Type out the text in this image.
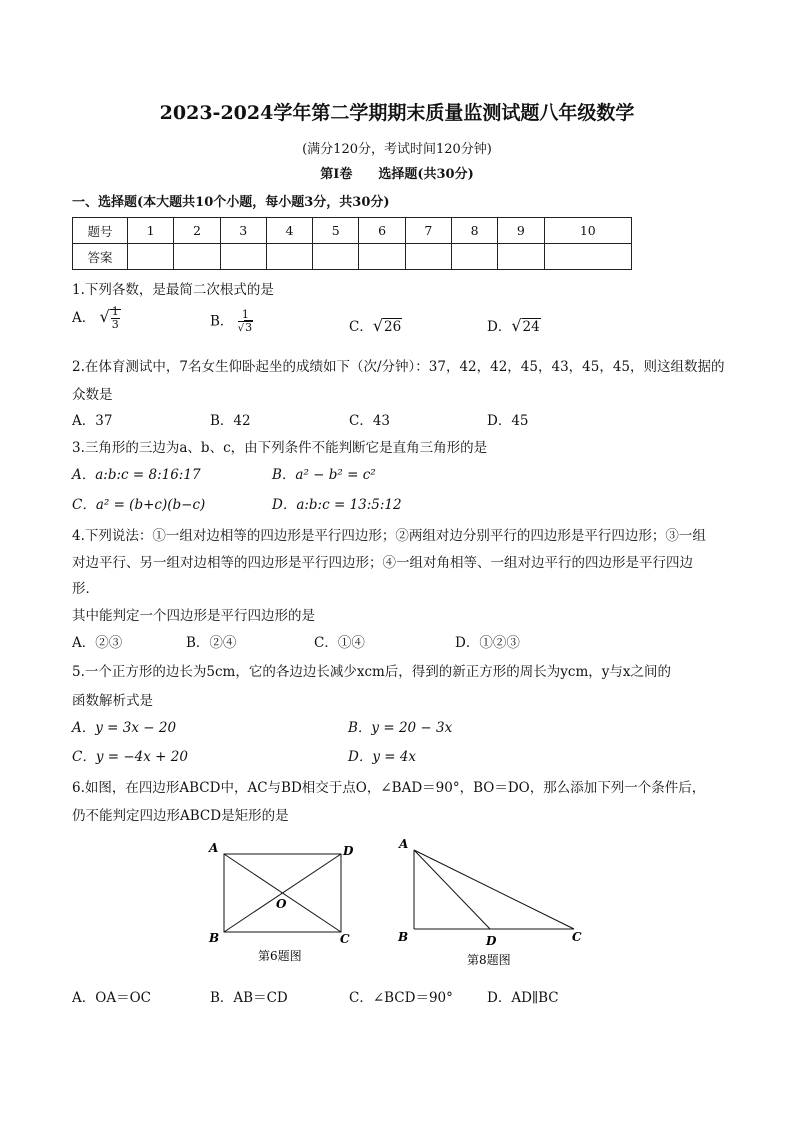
2023-2024学年第二学期期末质量监测试题八年级数学
(满分120分，考试时间120分钟)
第Ⅰ卷　　选择题(共30分)
一、选择题(本大题共10个小题，每小题3分，共30分)
题号	1	2	3	4	5	6	7	8	9	10
答案										
1.下列各数，是最简二次根式的是
A． √ $\frac{1}{3}$	B． $\frac{1}{√3}$	C．√26	D．√24
2.在体育测试中，7名女生仰卧起坐的成绩如下（次/分钟）：37，42，42，45，43，45，45，则这组数据的
众数是
A．37	B．42	C．43	D．45
3.三角形的三边为a、b、c，由下列条件不能判断它是直角三角形的是
A．a:b:c = 8:16:17	B．a² − b² = c²
C．a² = (b+c)(b−c)	D．a:b:c = 13:5:12
4.下列说法：①一组对边相等的四边形是平行四边形；②两组对边分别平行的四边形是平行四边形；③一组
对边平行、另一组对边相等的四边形是平行四边形；④一组对角相等、一组对边平行的四边形是平行四边
形．
其中能判定一个四边形是平行四边形的是
A．②③	B．②④	C．①④	D．①②③
5.一个正方形的边长为5cm，它的各边边长减少xcm后，得到的新正方形的周长为ycm，y与x之间的
函数解析式是
A．y = 3x − 20	B．y = 20 − 3x
C．y = −4x + 20	D．y = 4x
6.如图，在四边形ABCD中，AC与BD相交于点O，∠BAD＝90°，BO＝DO，那么添加下列一个条件后，
仍不能判定四边形ABCD是矩形的是
A	D
B	C
O
第6题图
A
B	D	C
第8题图
A．OA＝OC	B．AB＝CD	C．∠BCD＝90°	D．AD∥BC
